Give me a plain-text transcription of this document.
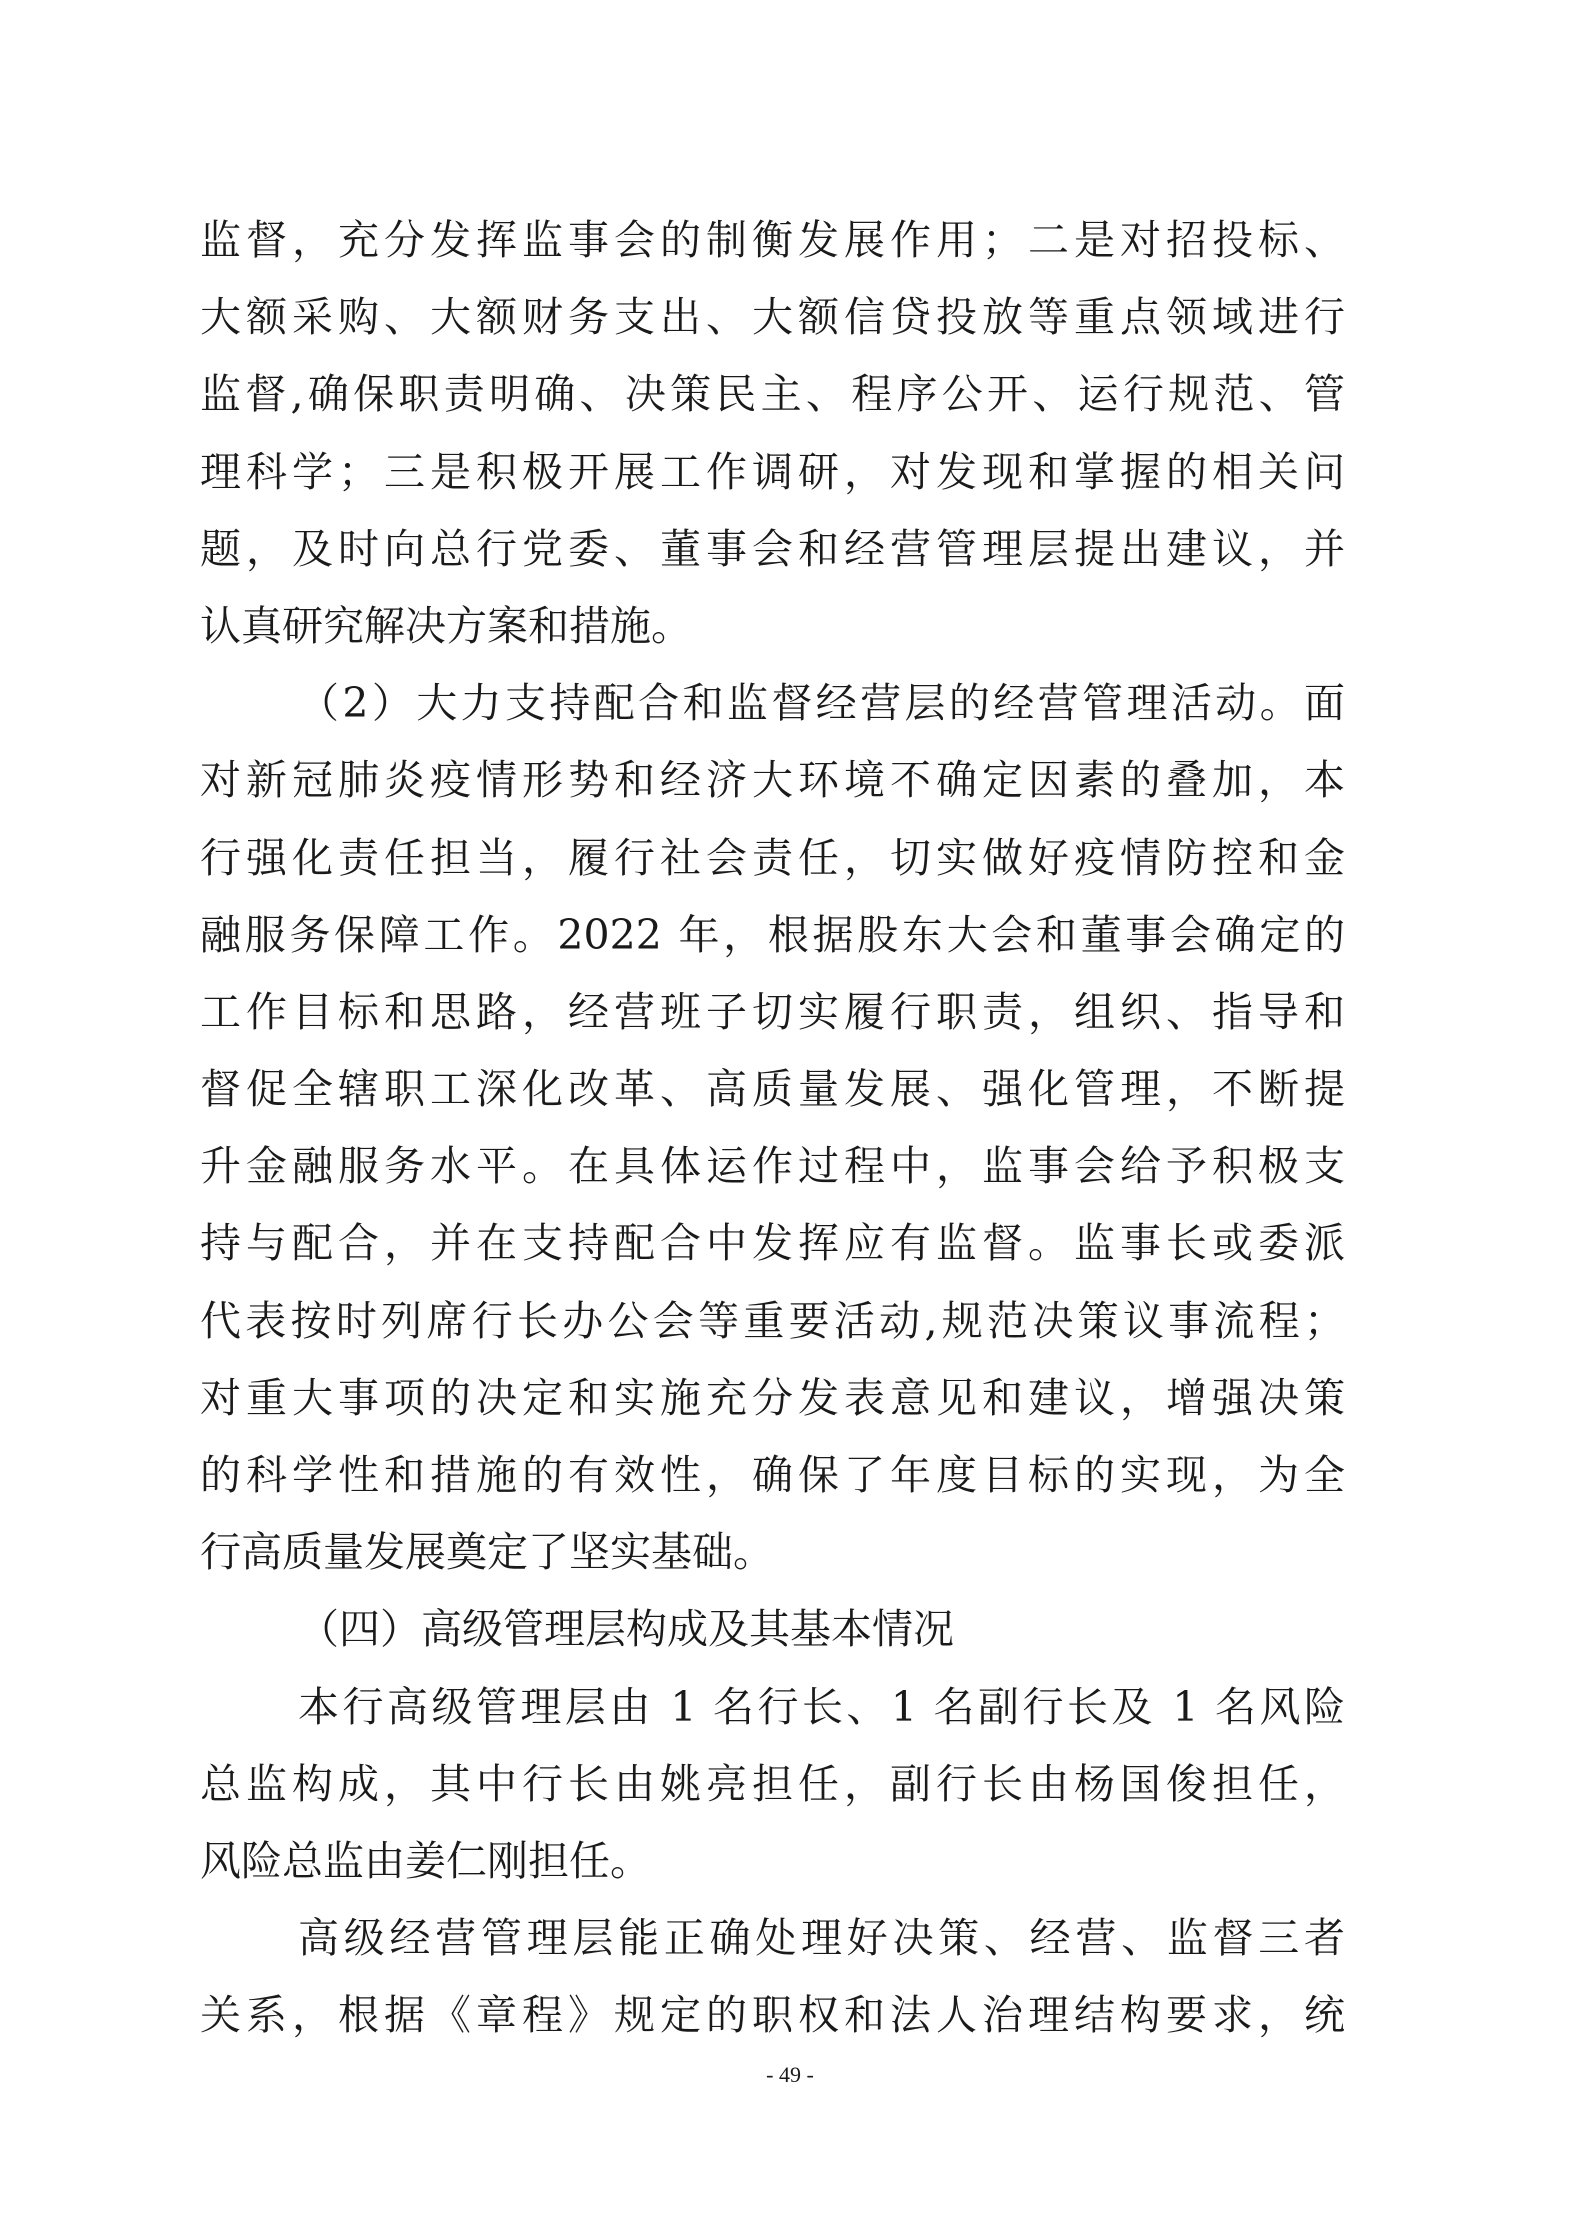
监督，充分发挥监事会的制衡发展作用；二是对招投标、
大额采购、大额财务支出、大额信贷投放等重点领域进行
监督,确保职责明确、决策民主、程序公开、运行规范、管
理科学；三是积极开展工作调研，对发现和掌握的相关问
题，及时向总行党委、董事会和经营管理层提出建议，并
认真研究解决方案和措施。
（2）大力支持配合和监督经营层的经营管理活动。面
对新冠肺炎疫情形势和经济大环境不确定因素的叠加，本
行强化责任担当，履行社会责任，切实做好疫情防控和金
融服务保障工作。2022 年，根据股东大会和董事会确定的
工作目标和思路，经营班子切实履行职责，组织、指导和
督促全辖职工深化改革、高质量发展、强化管理，不断提
升金融服务水平。在具体运作过程中，监事会给予积极支
持与配合，并在支持配合中发挥应有监督。监事长或委派
代表按时列席行长办公会等重要活动,规范决策议事流程；
对重大事项的决定和实施充分发表意见和建议，增强决策
的科学性和措施的有效性，确保了年度目标的实现，为全
行高质量发展奠定了坚实基础。
（四）高级管理层构成及其基本情况
本行高级管理层由 1 名行长、1 名副行长及 1 名风险
总监构成，其中行长由姚亮担任，副行长由杨国俊担任，
风险总监由姜仁刚担任。
高级经营管理层能正确处理好决策、经营、监督三者
关系，根据《章程》规定的职权和法人治理结构要求，统
- 49 -
